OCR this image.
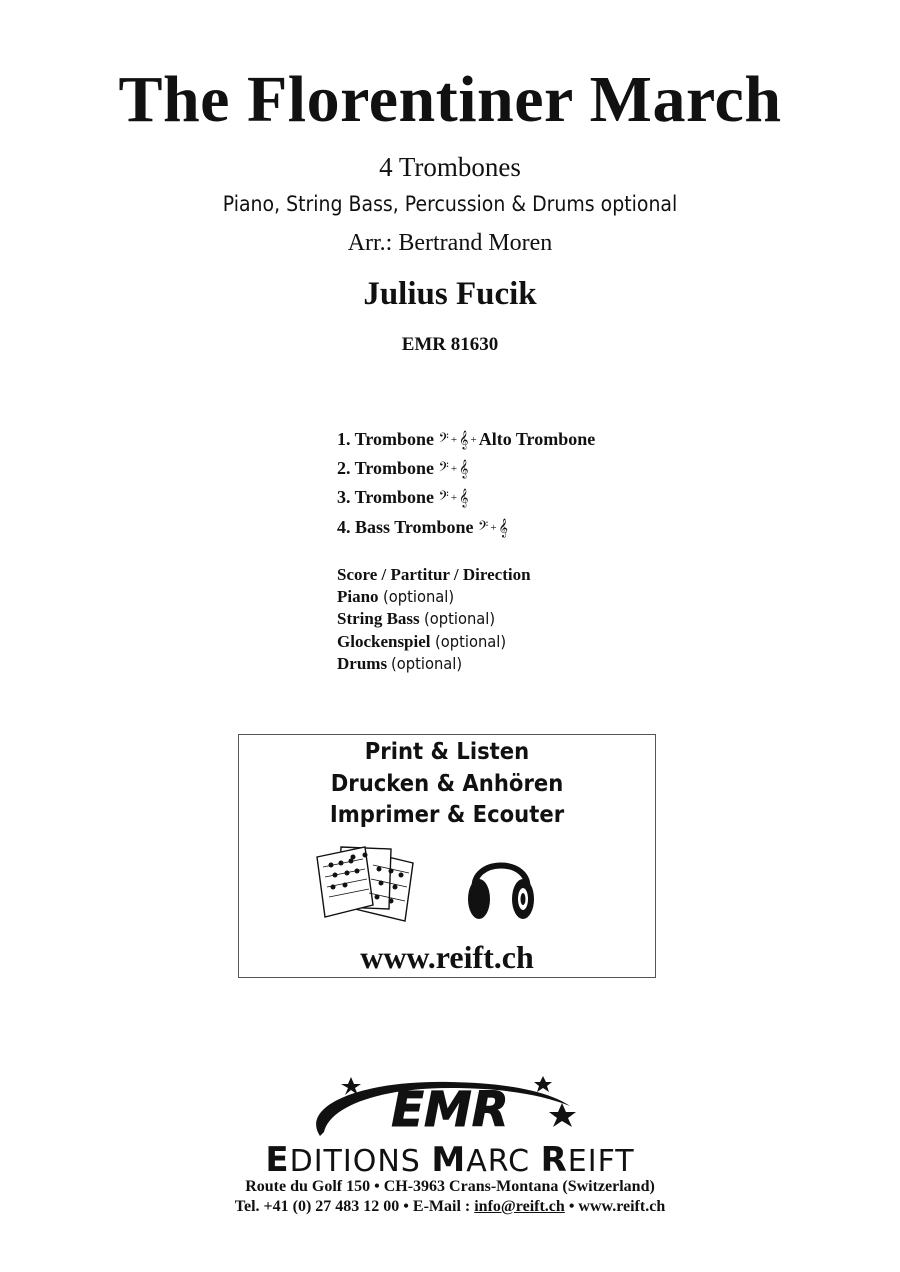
The Florentiner March
4 Trombones
Piano, String Bass, Percussion & Drums optional
Arr.: Bertrand Moren
Julius Fucik
EMR 81630
1. Trombone 𝄢 + 𝄞 + Alto Trombone
2. Trombone 𝄢 + 𝄞
3. Trombone 𝄢 + 𝄞
4. Bass Trombone 𝄢 + 𝄞
Score / Partitur / Direction
Piano (optional)
String Bass (optional)
Glockenspiel (optional)
Drums (optional)
Print & Listen
Drucken & Anhören
Imprimer & Ecouter
www.reift.ch
EMR
EDITIONS MARC REIFT
Route du Golf 150 • CH-3963 Crans-Montana (Switzerland)
Tel. +41 (0) 27 483 12 00 • E-Mail : info@reift.ch • www.reift.ch
